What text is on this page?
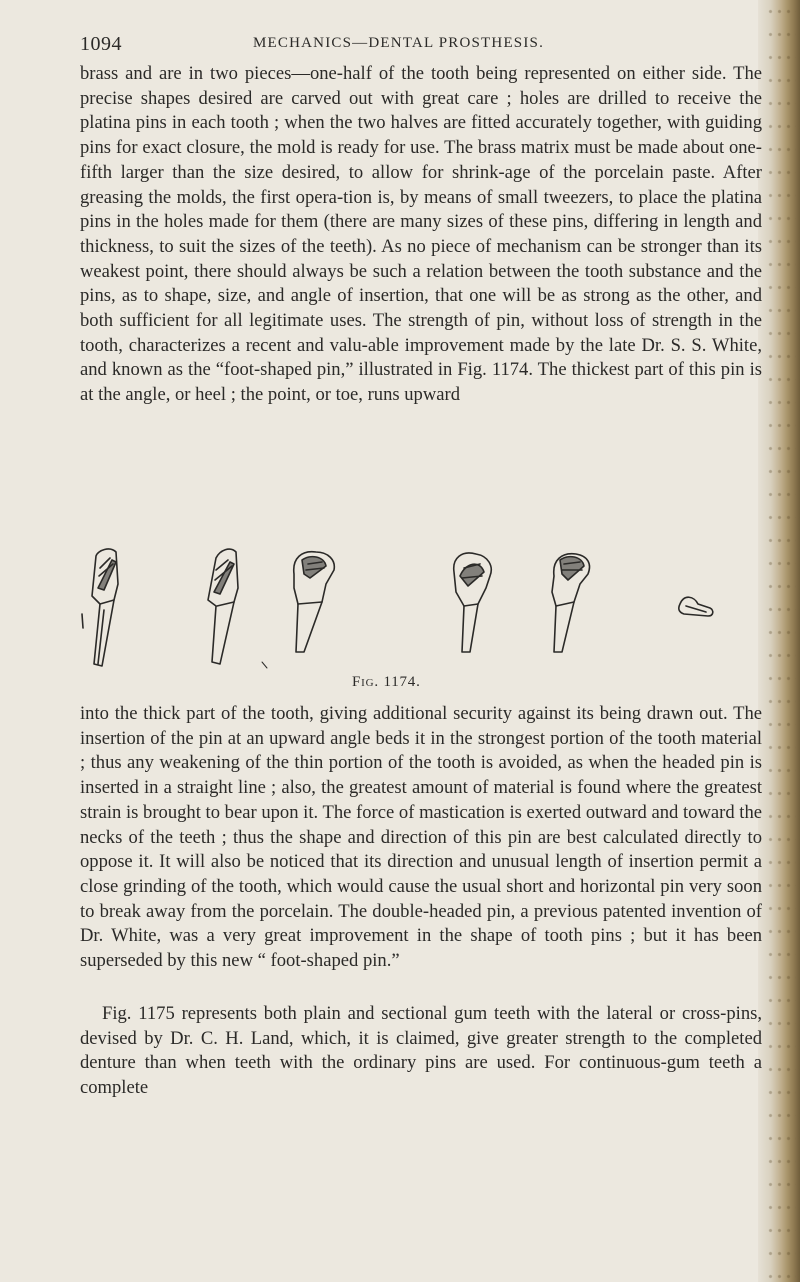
1094	MECHANICS—DENTAL PROSTHESIS.

brass and are in two pieces—one-half of the tooth being represented on either side. The precise shapes desired are carved out with great care ; holes are drilled to receive the platina pins in each tooth ; when the two halves are fitted accurately together, with guiding pins for exact closure, the mold is ready for use. The brass matrix must be made about one-fifth larger than the size desired, to allow for shrink-age of the porcelain paste. After greasing the molds, the first opera-tion is, by means of small tweezers, to place the platina pins in the holes made for them (there are many sizes of these pins, differing in length and thickness, to suit the sizes of the teeth). As no piece of mechanism can be stronger than its weakest point, there should always be such a relation between the tooth substance and the pins, as to shape, size, and angle of insertion, that one will be as strong as the other, and both sufficient for all legitimate uses. The strength of pin, without loss of strength in the tooth, characterizes a recent and valu-able improvement made by the late Dr. S. S. White, and known as the “foot-shaped pin,” illustrated in Fig. 1174. The thickest part of this pin is at the angle, or heel ; the point, or toe, runs upward

Fig. 1174.

into the thick part of the tooth, giving additional security against its being drawn out. The insertion of the pin at an upward angle beds it in the strongest portion of the tooth material ; thus any weakening of the thin portion of the tooth is avoided, as when the headed pin is inserted in a straight line ; also, the greatest amount of material is found where the greatest strain is brought to bear upon it. The force of mastication is exerted outward and toward the necks of the teeth ; thus the shape and direction of this pin are best calculated directly to oppose it. It will also be noticed that its direction and unusual length of insertion permit a close grinding of the tooth, which would cause the usual short and horizontal pin very soon to break away from the porcelain. The double-headed pin, a previous patented invention of Dr. White, was a very great improvement in the shape of tooth pins ; but it has been superseded by this new “ foot-shaped pin.”

Fig. 1175 represents both plain and sectional gum teeth with the lateral or cross-pins, devised by Dr. C. H. Land, which, it is claimed, give greater strength to the completed denture than when teeth with the ordinary pins are used. For continuous-gum teeth a complete
